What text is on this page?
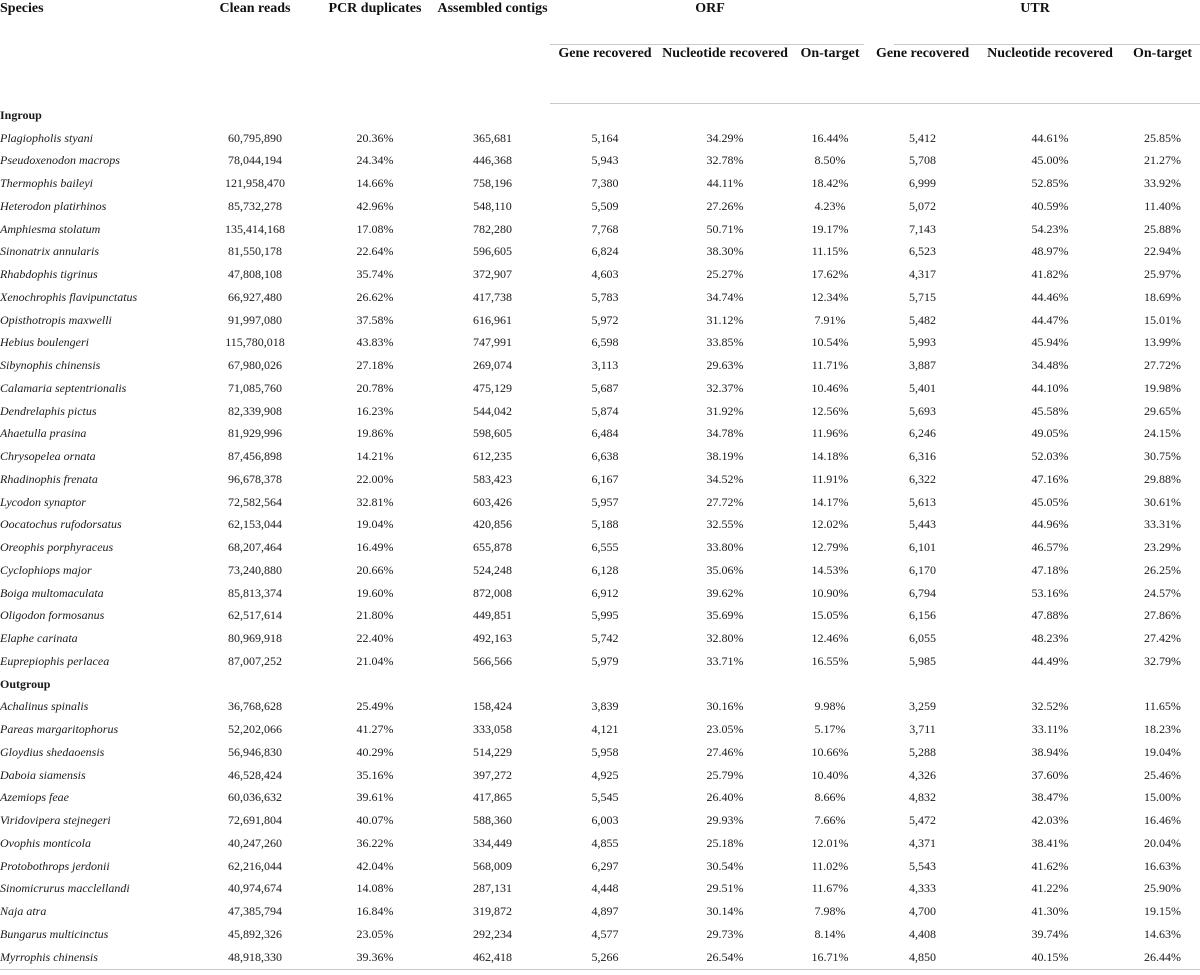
Species	Clean reads	PCR duplicates	Assembled contigs	ORF			UTR		
				Gene recovered	Nucleotide recovered	On-target	Gene recovered	Nucleotide recovered	On-target
Ingroup									
Plagiopholis styani	60,795,890	20.36%	365,681	5,164	34.29%	16.44%	5,412	44.61%	25.85%
Pseudoxenodon macrops	78,044,194	24.34%	446,368	5,943	32.78%	8.50%	5,708	45.00%	21.27%
Thermophis baileyi	121,958,470	14.66%	758,196	7,380	44.11%	18.42%	6,999	52.85%	33.92%
Heterodon platirhinos	85,732,278	42.96%	548,110	5,509	27.26%	4.23%	5,072	40.59%	11.40%
Amphiesma stolatum	135,414,168	17.08%	782,280	7,768	50.71%	19.17%	7,143	54.23%	25.88%
Sinonatrix annularis	81,550,178	22.64%	596,605	6,824	38.30%	11.15%	6,523	48.97%	22.94%
Rhabdophis tigrinus	47,808,108	35.74%	372,907	4,603	25.27%	17.62%	4,317	41.82%	25.97%
Xenochrophis flavipunctatus	66,927,480	26.62%	417,738	5,783	34.74%	12.34%	5,715	44.46%	18.69%
Opisthotropis maxwelli	91,997,080	37.58%	616,961	5,972	31.12%	7.91%	5,482	44.47%	15.01%
Hebius boulengeri	115,780,018	43.83%	747,991	6,598	33.85%	10.54%	5,993	45.94%	13.99%
Sibynophis chinensis	67,980,026	27.18%	269,074	3,113	29.63%	11.71%	3,887	34.48%	27.72%
Calamaria septentrionalis	71,085,760	20.78%	475,129	5,687	32.37%	10.46%	5,401	44.10%	19.98%
Dendrelaphis pictus	82,339,908	16.23%	544,042	5,874	31.92%	12.56%	5,693	45.58%	29.65%
Ahaetulla prasina	81,929,996	19.86%	598,605	6,484	34.78%	11.96%	6,246	49.05%	24.15%
Chrysopelea ornata	87,456,898	14.21%	612,235	6,638	38.19%	14.18%	6,316	52.03%	30.75%
Rhadinophis frenata	96,678,378	22.00%	583,423	6,167	34.52%	11.91%	6,322	47.16%	29.88%
Lycodon synaptor	72,582,564	32.81%	603,426	5,957	27.72%	14.17%	5,613	45.05%	30.61%
Oocatochus rufodorsatus	62,153,044	19.04%	420,856	5,188	32.55%	12.02%	5,443	44.96%	33.31%
Oreophis porphyraceus	68,207,464	16.49%	655,878	6,555	33.80%	12.79%	6,101	46.57%	23.29%
Cyclophiops major	73,240,880	20.66%	524,248	6,128	35.06%	14.53%	6,170	47.18%	26.25%
Boiga multomaculata	85,813,374	19.60%	872,008	6,912	39.62%	10.90%	6,794	53.16%	24.57%
Oligodon formosanus	62,517,614	21.80%	449,851	5,995	35.69%	15.05%	6,156	47.88%	27.86%
Elaphe carinata	80,969,918	22.40%	492,163	5,742	32.80%	12.46%	6,055	48.23%	27.42%
Euprepiophis perlacea	87,007,252	21.04%	566,566	5,979	33.71%	16.55%	5,985	44.49%	32.79%
Outgroup									
Achalinus spinalis	36,768,628	25.49%	158,424	3,839	30.16%	9.98%	3,259	32.52%	11.65%
Pareas margaritophorus	52,202,066	41.27%	333,058	4,121	23.05%	5.17%	3,711	33.11%	18.23%
Gloydius shedaoensis	56,946,830	40.29%	514,229	5,958	27.46%	10.66%	5,288	38.94%	19.04%
Daboia siamensis	46,528,424	35.16%	397,272	4,925	25.79%	10.40%	4,326	37.60%	25.46%
Azemiops feae	60,036,632	39.61%	417,865	5,545	26.40%	8.66%	4,832	38.47%	15.00%
Viridovipera stejnegeri	72,691,804	40.07%	588,360	6,003	29.93%	7.66%	5,472	42.03%	16.46%
Ovophis monticola	40,247,260	36.22%	334,449	4,855	25.18%	12.01%	4,371	38.41%	20.04%
Protobothrops jerdonii	62,216,044	42.04%	568,009	6,297	30.54%	11.02%	5,543	41.62%	16.63%
Sinomicrurus macclellandi	40,974,674	14.08%	287,131	4,448	29.51%	11.67%	4,333	41.22%	25.90%
Naja atra	47,385,794	16.84%	319,872	4,897	30.14%	7.98%	4,700	41.30%	19.15%
Bungarus multicinctus	45,892,326	23.05%	292,234	4,577	29.73%	8.14%	4,408	39.74%	14.63%
Myrrophis chinensis	48,918,330	39.36%	462,418	5,266	26.54%	16.71%	4,850	40.15%	26.44%
